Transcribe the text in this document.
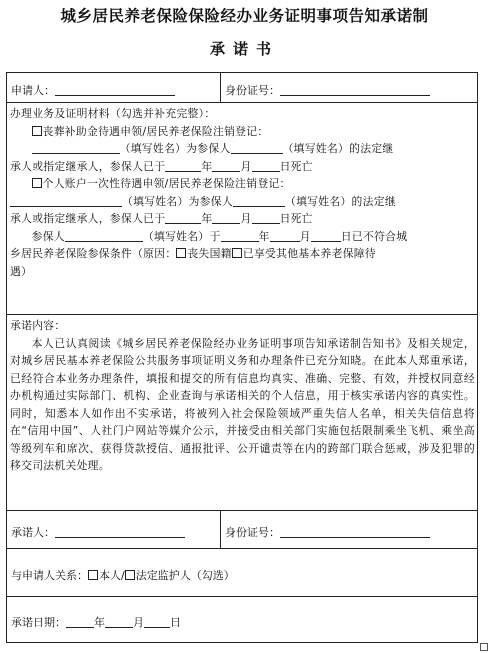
城乡居民养老保险保险经办业务证明事项告知承诺制
承诺书
申请人：	身份证号：

办理业务及证明材料（勾选并补充完整）：

丧葬补助金待遇申领/居民养老保险注销登记：

（填写姓名）为参保人	（填写姓名）的法定继

承人或指定继承人，参保人已于	年	月	日死亡

个人账户一次性待遇申领/居民养老保险注销登记：

（填写姓名）为参保人	（填写姓名）的法定继

承人或指定继承人，参保人已于	年	月	日死亡

参保人	（填写姓名）于	年	月	日已不符合城

乡居民养老保险参保条件（原因： 丧失国籍 已享受其他基本养老保障待

遇）

承诺内容：

本人已认真阅读《城乡居民养老保险经办业务证明事项告知承诺制告知书》及相关规定，对城乡居民基本养老保险公共服务事项证明义务和办理条件已充分知晓。在此本人郑重承诺，已经符合本业务办理条件，填报和提交的所有信息均真实、准确、完整、有效，并授权同意经办机构通过实际部门、机构、企业查询与承诺相关的个人信息，用于核实承诺内容的真实性。同时，知悉本人如作出不实承诺，将被列入社会保险领域严重失信人名单，相关失信信息将在“信用中国”、人社门户网站等媒介公示，并接受由相关部门实施包括限制乘坐飞机、乘坐高等级列车和席次、获得贷款授信、通报批评、公开谴责等在内的跨部门联合惩戒，涉及犯罪的移交司法机关处理。

承诺人：	身份证号：
与申请人关系： 本人/ 法定监护人（勾选）
承诺日期：	年	月 日
